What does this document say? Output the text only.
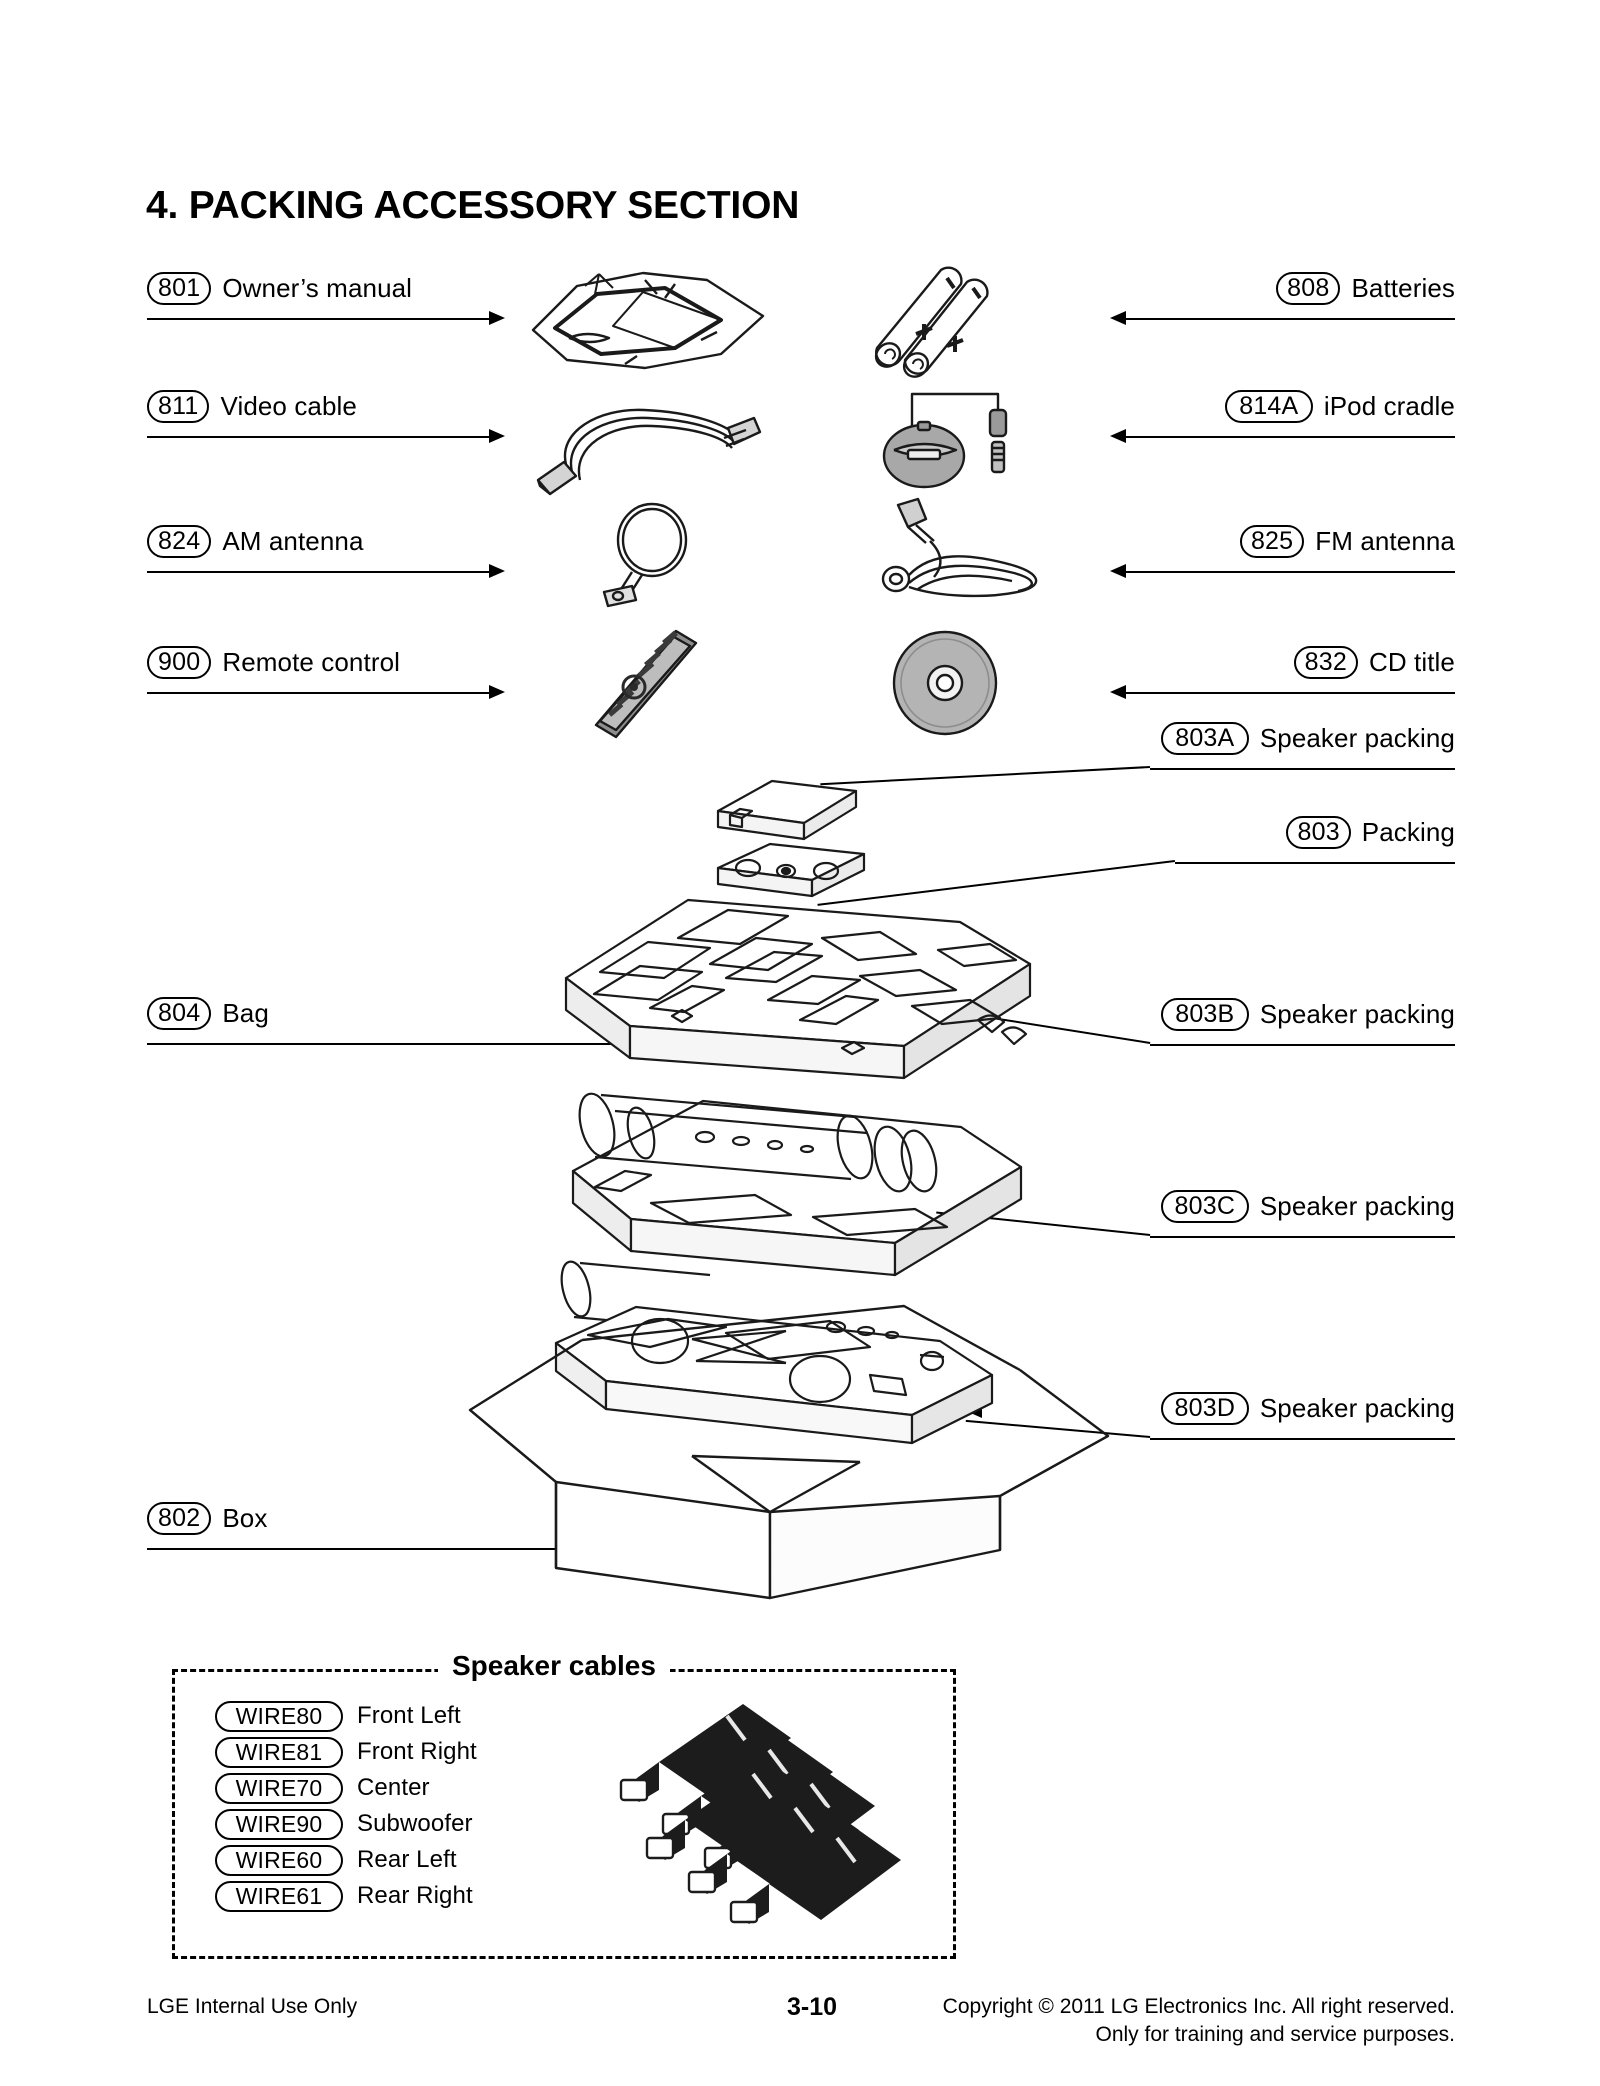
4. PACKING ACCESSORY SECTION
801 Owner’s manual
811 Video cable
824 AM antenna
900 Remote control
804 Bag
802 Box
808 Batteries
814A iPod cradle
825 FM antenna
832 CD title
803A Speaker packing
803 Packing
803B Speaker packing
803C Speaker packing
803D Speaker packing
WIRE80	Front Left
WIRE81	Front Right
WIRE70	Center
WIRE90	Subwoofer
WIRE60	Rear Left
WIRE61	Rear Right
Speaker cables
LGE Internal Use Only	3-10	Copyright © 2011 LG Electronics Inc. All right reserved.
Only for training and service purposes.
